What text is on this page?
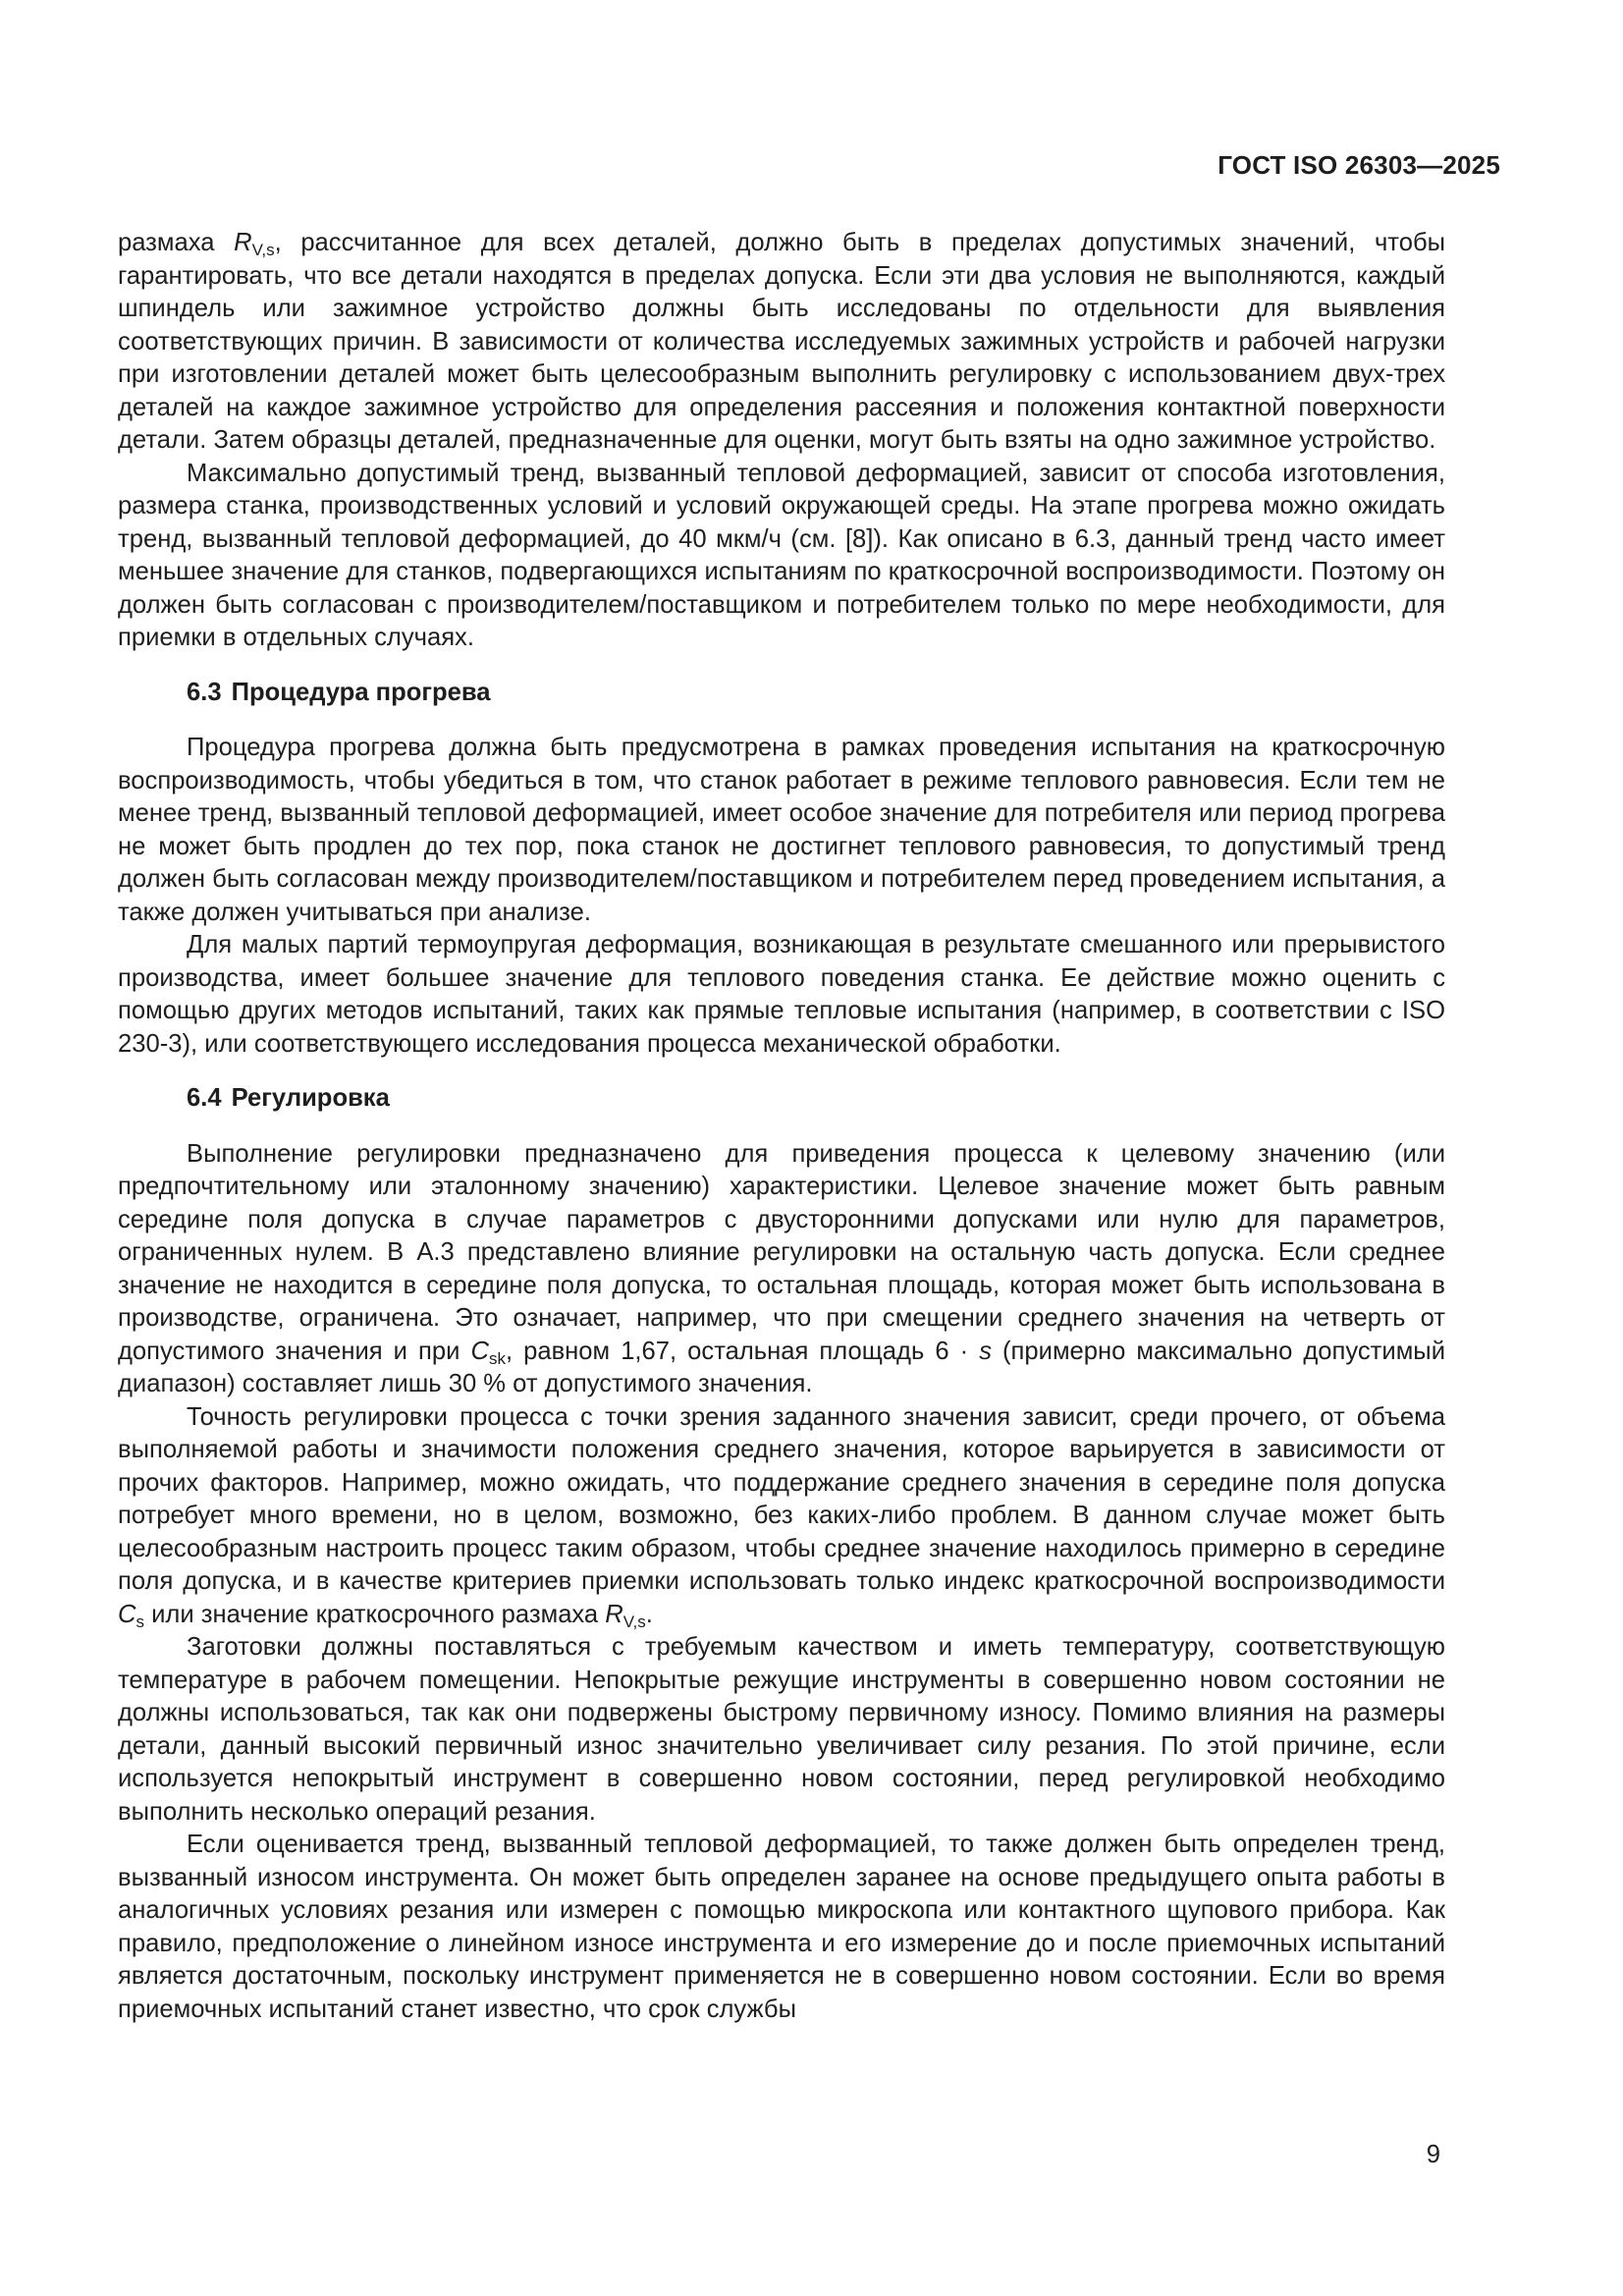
ГОСТ ISO 26303—2025

размаха $R_{V,s}$, рассчитанное для всех деталей, должно быть в пределах допустимых значений, чтобы гарантировать, что все детали находятся в пределах допуска. Если эти два условия не выполняются, каждый шпиндель или зажимное устройство должны быть исследованы по отдельности для выявления соответствующих причин. В зависимости от количества исследуемых зажимных устройств и рабочей нагрузки при изготовлении деталей может быть целесообразным выполнить регулировку с использованием двух-трех деталей на каждое зажимное устройство для определения рассеяния и положения контактной поверхности детали. Затем образцы деталей, предназначенные для оценки, могут быть взяты на одно зажимное устройство.

Максимально допустимый тренд, вызванный тепловой деформацией, зависит от способа изготовления, размера станка, производственных условий и условий окружающей среды. На этапе прогрева можно ожидать тренд, вызванный тепловой деформацией, до 40 мкм/ч (см. [8]). Как описано в 6.3, данный тренд часто имеет меньшее значение для станков, подвергающихся испытаниям по краткосрочной воспроизводимости. Поэтому он должен быть согласован с производителем/поставщиком и потребителем только по мере необходимости, для приемки в отдельных случаях.

6.3 Процедура прогрева

Процедура прогрева должна быть предусмотрена в рамках проведения испытания на краткосрочную воспроизводимость, чтобы убедиться в том, что станок работает в режиме теплового равновесия. Если тем не менее тренд, вызванный тепловой деформацией, имеет особое значение для потребителя или период прогрева не может быть продлен до тех пор, пока станок не достигнет теплового равновесия, то допустимый тренд должен быть согласован между производителем/поставщиком и потребителем перед проведением испытания, а также должен учитываться при анализе.

Для малых партий термоупругая деформация, возникающая в результате смешанного или прерывистого производства, имеет большее значение для теплового поведения станка. Ее действие можно оценить с помощью других методов испытаний, таких как прямые тепловые испытания (например, в соответствии с ISO 230-3), или соответствующего исследования процесса механической обработки.

6.4 Регулировка

Выполнение регулировки предназначено для приведения процесса к целевому значению (или предпочтительному или эталонному значению) характеристики. Целевое значение может быть равным середине поля допуска в случае параметров с двусторонними допусками или нулю для параметров, ограниченных нулем. В А.3 представлено влияние регулировки на остальную часть допуска. Если среднее значение не находится в середине поля допуска, то остальная площадь, которая может быть использована в производстве, ограничена. Это означает, например, что при смещении среднего значения на четверть от допустимого значения и при $C_{sk}$, равном 1,67, остальная площадь 6 · s (примерно максимально допустимый диапазон) составляет лишь 30 % от допустимого значения.

Точность регулировки процесса с точки зрения заданного значения зависит, среди прочего, от объема выполняемой работы и значимости положения среднего значения, которое варьируется в зависимости от прочих факторов. Например, можно ожидать, что поддержание среднего значения в середине поля допуска потребует много времени, но в целом, возможно, без каких-либо проблем. В данном случае может быть целесообразным настроить процесс таким образом, чтобы среднее значение находилось примерно в середине поля допуска, и в качестве критериев приемки использовать только индекс краткосрочной воспроизводимости $C_s$ или значение краткосрочного размаха $R_{V,s}$.

Заготовки должны поставляться с требуемым качеством и иметь температуру, соответствующую температуре в рабочем помещении. Непокрытые режущие инструменты в совершенно новом состоянии не должны использоваться, так как они подвержены быстрому первичному износу. Помимо влияния на размеры детали, данный высокий первичный износ значительно увеличивает силу резания. По этой причине, если используется непокрытый инструмент в совершенно новом состоянии, перед регулировкой необходимо выполнить несколько операций резания.

Если оценивается тренд, вызванный тепловой деформацией, то также должен быть определен тренд, вызванный износом инструмента. Он может быть определен заранее на основе предыдущего опыта работы в аналогичных условиях резания или измерен с помощью микроскопа или контактного щупового прибора. Как правило, предположение о линейном износе инструмента и его измерение до и после приемочных испытаний является достаточным, поскольку инструмент применяется не в совершенно новом состоянии. Если во время приемочных испытаний станет известно, что срок службы

9
